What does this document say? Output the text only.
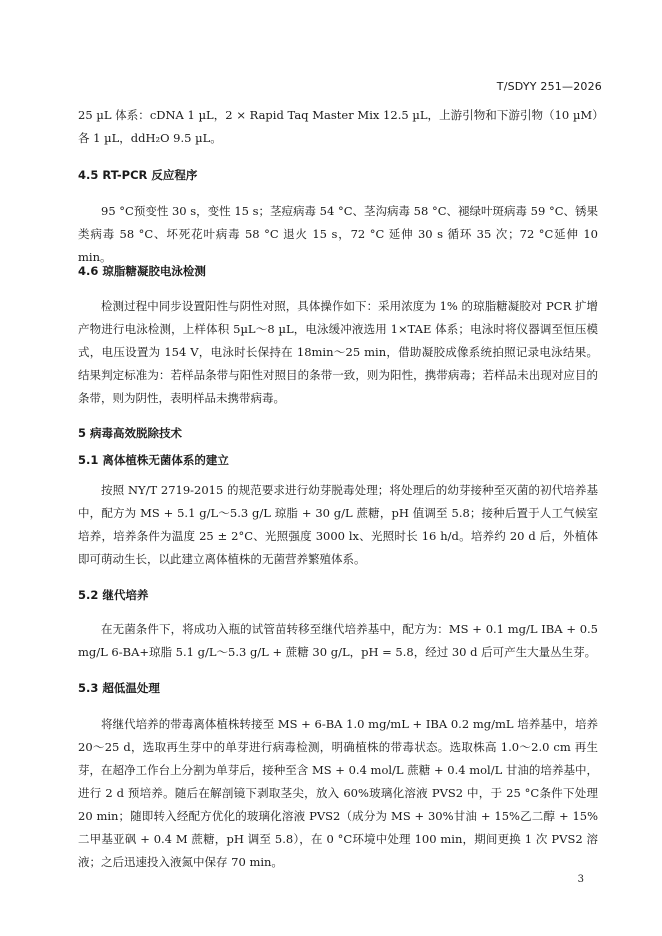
T/SDYY 251—2026

25 µL 体系：cDNA 1 µL，2 × Rapid Taq Master Mix 12.5 µL，上游引物和下游引物（10 µM）各 1 µL，ddH₂O 9.5 µL。

4.5 RT-PCR 反应程序

95 °C预变性 30 s，变性 15 s；茎痘病毒 54 °C、茎沟病毒 58 °C、褪绿叶斑病毒 59 °C、锈果类病毒 58 °C、坏死花叶病毒 58 °C 退火 15 s，72 °C 延伸 30 s 循环 35 次；72 °C延伸 10 min。

4.6 琼脂糖凝胶电泳检测

检测过程中同步设置阳性与阴性对照，具体操作如下：采用浓度为 1% 的琼脂糖凝胶对 PCR 扩增产物进行电泳检测，上样体积 5µL～8 µL，电泳缓冲液选用 1×TAE 体系；电泳时将仪器调至恒压模式，电压设置为 154 V，电泳时长保持在 18min～25 min，借助凝胶成像系统拍照记录电泳结果。结果判定标准为：若样品条带与阳性对照目的条带一致，则为阳性，携带病毒；若样品未出现对应目的条带，则为阴性，表明样品未携带病毒。

5 病毒高效脱除技术
5.1 离体植株无菌体系的建立

按照 NY/T 2719-2015 的规范要求进行幼芽脱毒处理；将处理后的幼芽接种至灭菌的初代培养基中，配方为 MS + 5.1 g/L～5.3 g/L 琼脂 + 30 g/L 蔗糖，pH 值调至 5.8；接种后置于人工气候室培养，培养条件为温度 25 ± 2°C、光照强度 3000 lx、光照时长 16 h/d。培养约 20 d 后，外植体即可萌动生长，以此建立离体植株的无菌营养繁殖体系。

5.2 继代培养

在无菌条件下，将成功入瓶的试管苗转移至继代培养基中，配方为：MS + 0.1 mg/L IBA + 0.5 mg/L 6-BA+琼脂 5.1 g/L～5.3 g/L + 蔗糖 30 g/L，pH = 5.8，经过 30 d 后可产生大量丛生芽。

5.3 超低温处理

将继代培养的带毒离体植株转接至 MS + 6-BA 1.0 mg/mL + IBA 0.2 mg/mL 培养基中，培养 20～25 d，选取再生芽中的单芽进行病毒检测，明确植株的带毒状态。选取株高 1.0～2.0 cm 再生芽，在超净工作台上分割为单芽后，接种至含 MS + 0.4 mol/L 蔗糖 + 0.4 mol/L 甘油的培养基中，进行 2 d 预培养。随后在解剖镜下剥取茎尖，放入 60%玻璃化溶液 PVS2 中，于 25 °C条件下处理 20 min；随即转入经配方优化的玻璃化溶液 PVS2（成分为 MS + 30%甘油 + 15%乙二醇 + 15%二甲基亚砜 + 0.4 M 蔗糖，pH 调至 5.8），在 0 °C环境中处理 100 min，期间更换 1 次 PVS2 溶液；之后迅速投入液氮中保存 70 min。

3
